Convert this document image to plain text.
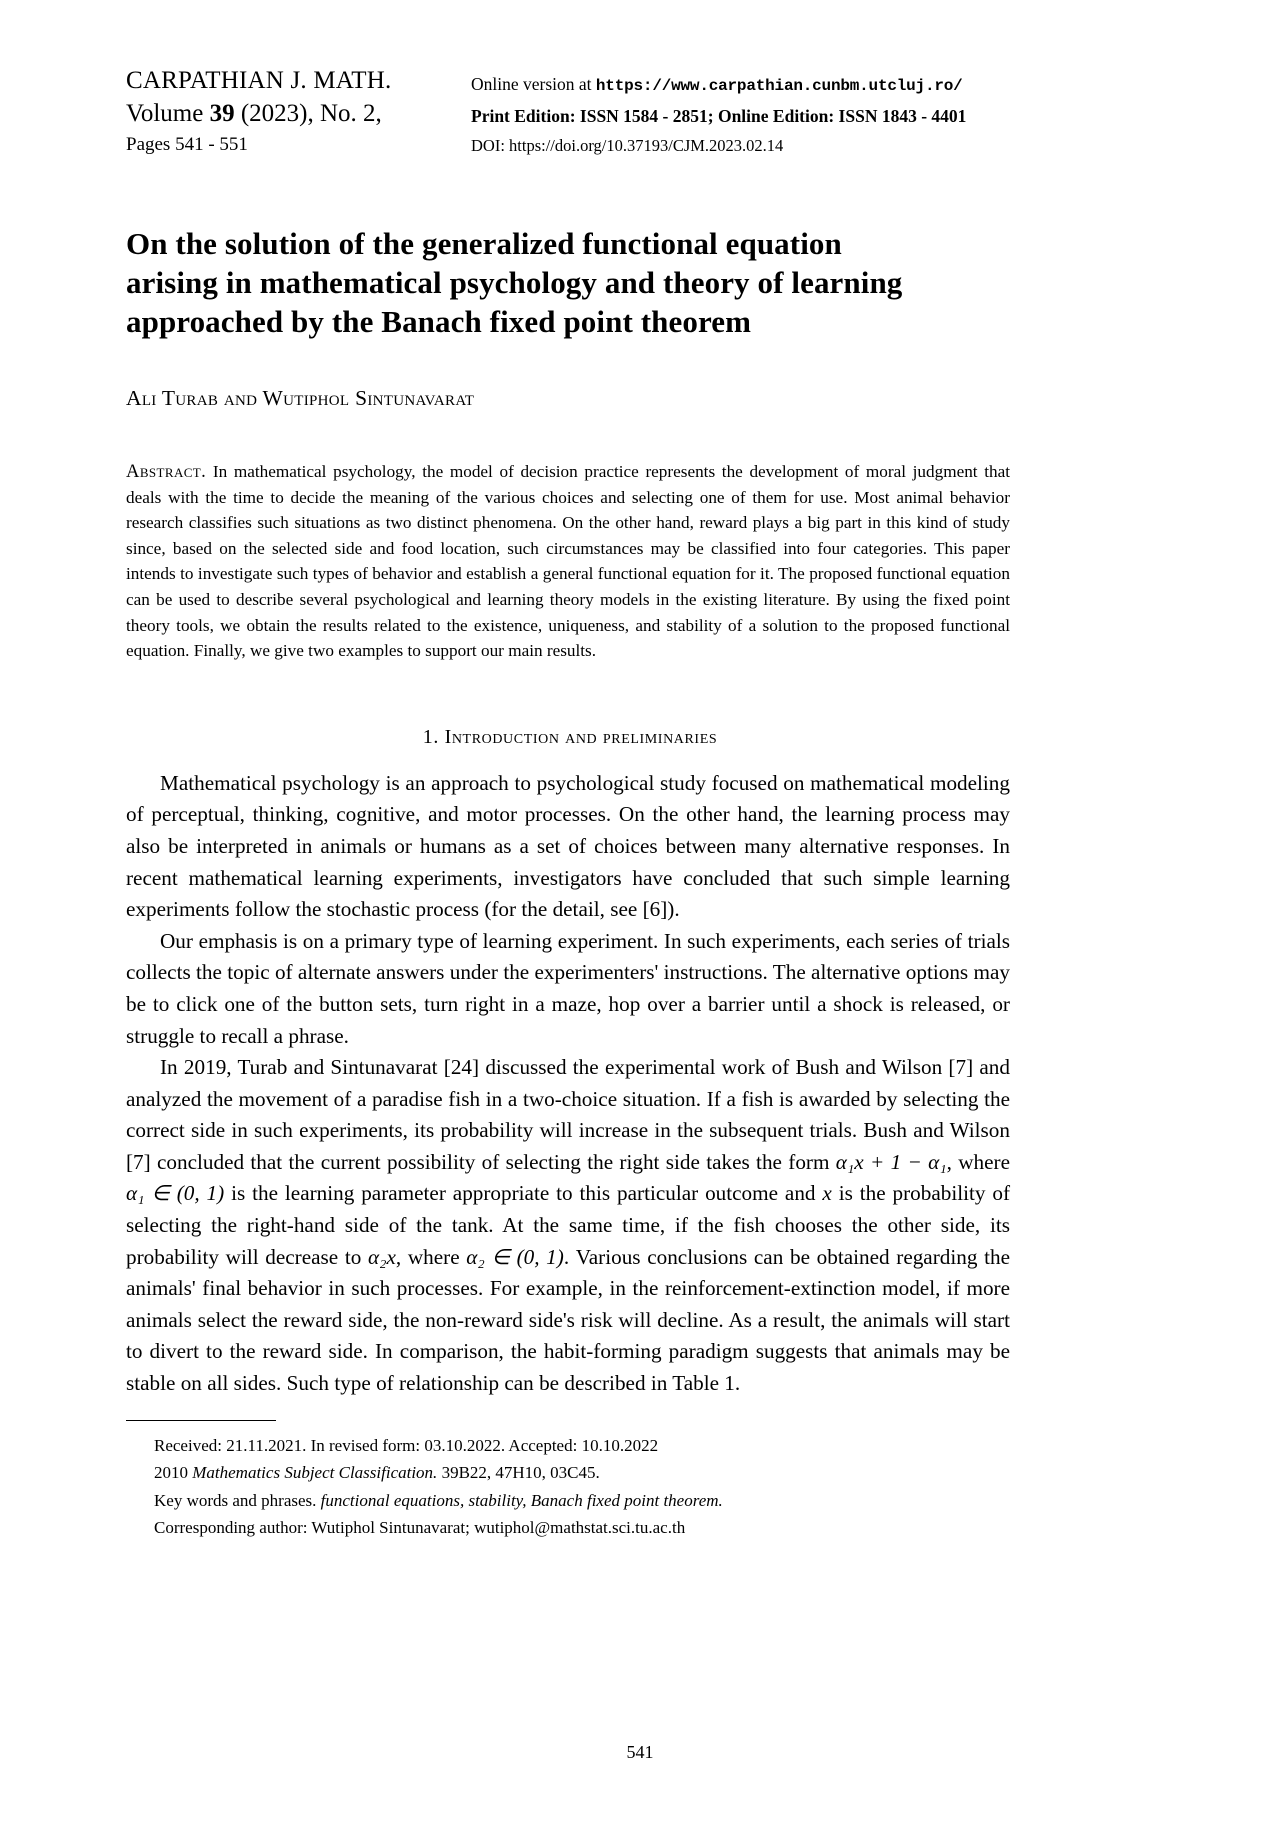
CARPATHIAN J. MATH.
Volume 39 (2023), No. 2,
Pages 541 - 551
Online version at https://www.carpathian.cunbm.utcluj.ro/
Print Edition: ISSN 1584 - 2851; Online Edition: ISSN 1843 - 4401
DOI: https://doi.org/10.37193/CJM.2023.02.14
On the solution of the generalized functional equation
arising in mathematical psychology and theory of learning
approached by the Banach fixed point theorem
Ali Turab and Wutiphol Sintunavarat
Abstract. In mathematical psychology, the model of decision practice represents the development of moral judgment that deals with the time to decide the meaning of the various choices and selecting one of them for use. Most animal behavior research classifies such situations as two distinct phenomena. On the other hand, reward plays a big part in this kind of study since, based on the selected side and food location, such circumstances may be classified into four categories. This paper intends to investigate such types of behavior and establish a general functional equation for it. The proposed functional equation can be used to describe several psychological and learning theory models in the existing literature. By using the fixed point theory tools, we obtain the results related to the existence, uniqueness, and stability of a solution to the proposed functional equation. Finally, we give two examples to support our main results.
1. Introduction and preliminaries

Mathematical psychology is an approach to psychological study focused on mathematical modeling of perceptual, thinking, cognitive, and motor processes. On the other hand, the learning process may also be interpreted in animals or humans as a set of choices between many alternative responses. In recent mathematical learning experiments, investigators have concluded that such simple learning experiments follow the stochastic process (for the detail, see [6]).

Our emphasis is on a primary type of learning experiment. In such experiments, each series of trials collects the topic of alternate answers under the experimenters' instructions. The alternative options may be to click one of the button sets, turn right in a maze, hop over a barrier until a shock is released, or struggle to recall a phrase.

In 2019, Turab and Sintunavarat [24] discussed the experimental work of Bush and Wilson [7] and analyzed the movement of a paradise fish in a two-choice situation. If a fish is awarded by selecting the correct side in such experiments, its probability will increase in the subsequent trials. Bush and Wilson [7] concluded that the current possibility of selecting the right side takes the form α₁x + 1 − α₁, where α₁ ∈ (0, 1) is the learning parameter appropriate to this particular outcome and x is the probability of selecting the right-hand side of the tank. At the same time, if the fish chooses the other side, its probability will decrease to α₂x, where α₂ ∈ (0, 1). Various conclusions can be obtained regarding the animals' final behavior in such processes. For example, in the reinforcement-extinction model, if more animals select the reward side, the non-reward side's risk will decline. As a result, the animals will start to divert to the reward side. In comparison, the habit-forming paradigm suggests that animals may be stable on all sides. Such type of relationship can be described in Table 1.

Received: 21.11.2021. In revised form: 03.10.2022. Accepted: 10.10.2022
2010 Mathematics Subject Classification. 39B22, 47H10, 03C45.
Key words and phrases. functional equations, stability, Banach fixed point theorem.
Corresponding author: Wutiphol Sintunavarat; wutiphol@mathstat.sci.tu.ac.th
541
